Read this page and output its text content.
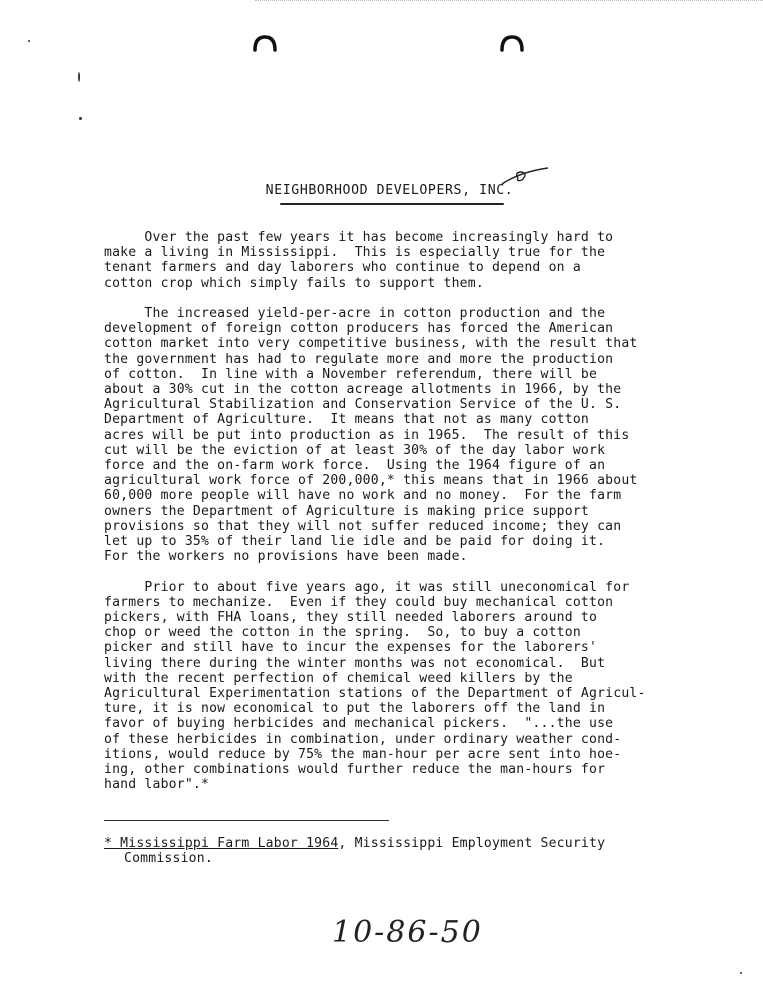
NEIGHBORHOOD DEVELOPERS, INC.
Over the past few years it has become increasingly hard to
make a living in Mississippi.  This is especially true for the
tenant farmers and day laborers who continue to depend on a
cotton crop which simply fails to support them.
The increased yield-per-acre in cotton production and the
development of foreign cotton producers has forced the American
cotton market into very competitive business, with the result that
the government has had to regulate more and more the production
of cotton.  In line with a November referendum, there will be
about a 30% cut in the cotton acreage allotments in 1966, by the
Agricultural Stabilization and Conservation Service of the U. S.
Department of Agriculture.  It means that not as many cotton
acres will be put into production as in 1965.  The result of this
cut will be the eviction of at least 30% of the day labor work
force and the on-farm work force.  Using the 1964 figure of an
agricultural work force of 200,000,* this means that in 1966 about
60,000 more people will have no work and no money.  For the farm
owners the Department of Agriculture is making price support
provisions so that they will not suffer reduced income; they can
let up to 35% of their land lie idle and be paid for doing it.
For the workers no provisions have been made.
Prior to about five years ago, it was still uneconomical for
farmers to mechanize.  Even if they could buy mechanical cotton
pickers, with FHA loans, they still needed laborers around to
chop or weed the cotton in the spring.  So, to buy a cotton
picker and still have to incur the expenses for the laborers'
living there during the winter months was not economical.  But
with the recent perfection of chemical weed killers by the
Agricultural Experimentation stations of the Department of Agricul-
ture, it is now economical to put the laborers off the land in
favor of buying herbicides and mechanical pickers.  "...the use
of these herbicides in combination, under ordinary weather cond-
itions, would reduce by 75% the man-hour per acre sent into hoe-
ing, other combinations would further reduce the man-hours for
hand labor".*
* Mississippi Farm Labor 1964, Mississippi Employment Security
Commission.
10-86-50
